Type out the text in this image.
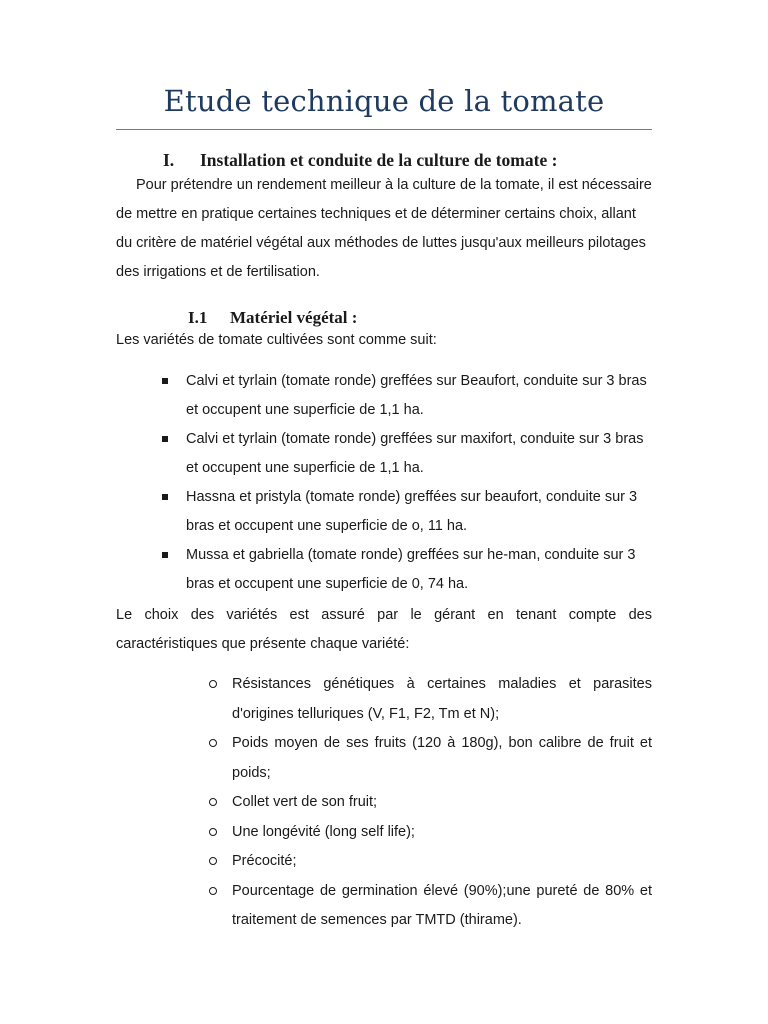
Etude technique de la tomate
I. Installation et conduite de la culture de tomate :

Pour prétendre un rendement meilleur à la culture de la tomate, il est nécessaire de mettre en pratique certaines techniques et de déterminer certains choix, allant du critère de matériel végétal aux méthodes de luttes jusqu'aux meilleurs pilotages des irrigations et de fertilisation.

I.1 Matériel végétal :
Les variétés de tomate cultivées sont comme suit:
Calvi et tyrlain (tomate ronde) greffées sur Beaufort, conduite sur 3 bras et occupent une superficie de 1,1 ha.
Calvi et tyrlain (tomate ronde) greffées sur maxifort, conduite sur 3 bras et occupent une superficie de 1,1 ha.
Hassna et pristyla (tomate ronde) greffées sur beaufort, conduite sur 3 bras et occupent une superficie de o, 11 ha.
Mussa et gabriella (tomate ronde) greffées sur he-man, conduite sur 3 bras et occupent une superficie de 0, 74 ha.

Le choix des variétés est assuré par le gérant en tenant compte des caractéristiques que présente chaque variété:

Résistances génétiques à certaines maladies et parasites d'origines telluriques (V, F1, F2, Tm et N);
Poids moyen de ses fruits (120 à 180g), bon calibre de fruit et poids;
Collet vert de son fruit;
Une longévité (long self life);
Précocité;
Pourcentage de germination élevé (90%);une pureté de 80% et traitement de semences par TMTD (thirame).
